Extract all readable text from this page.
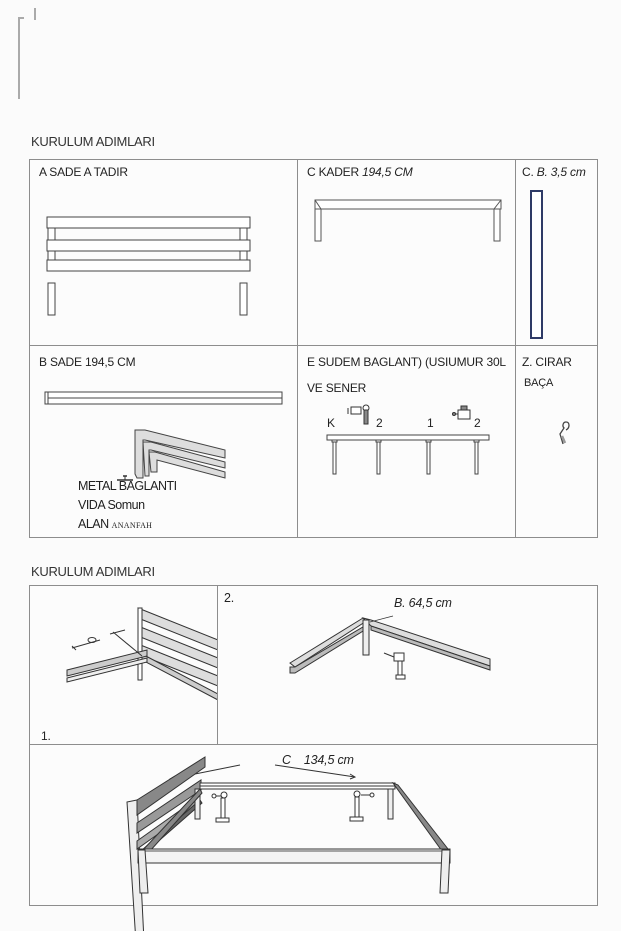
KURULUM ADIMLARI
A SADE A TADIR	C KADER 194,5 CM	C. B. 3,5 cm
B SADE 194,5 CM
METAL BAGLANTI
VIDA Somun
ALAN ANANFAH
E SUDEM BAGLANT) (USIUMUR 30L
VE SENER
K	2	1	2
Z. CIRAR
BAÇA
KURULUM ADIMLARI
1.
2.	B. 64,5 cm
C 134,5 cm
